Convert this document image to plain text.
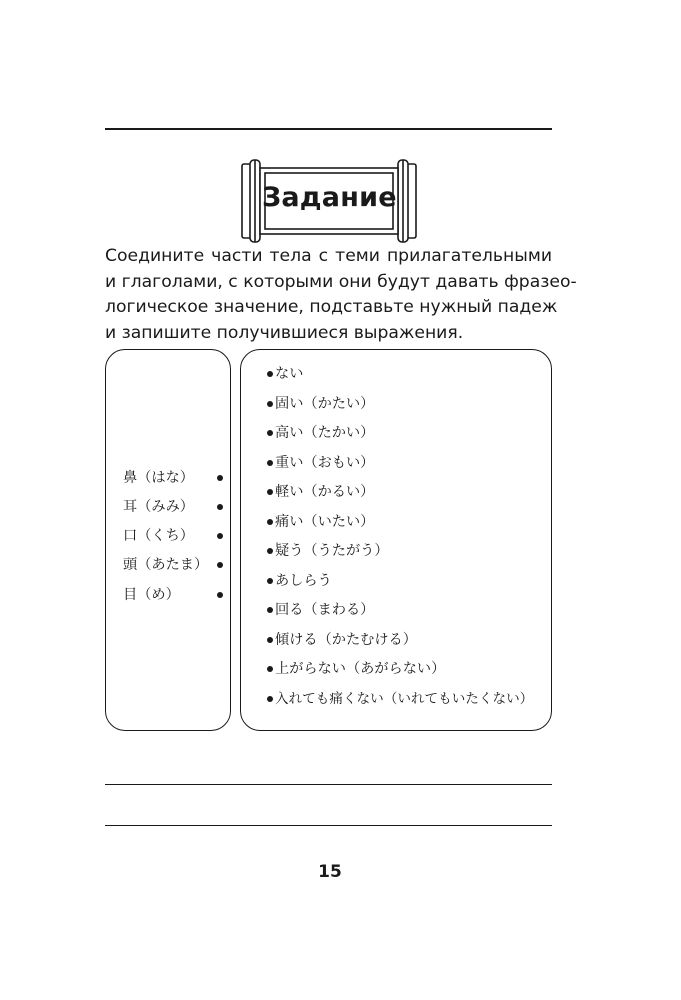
Задание
Соедините части тела с теми прилагательными
и глаголами, с которыми они будут давать фразео-
логическое значение, подставьте нужный падеж
и запишите получившиеся выражения.
鼻（はな）
耳（みみ）
口（くち）
頭（あたま）
目（め）
ない
固い（かたい）
高い（たかい）
重い（おもい）
軽い（かるい）
痛い（いたい）
疑う（うたがう）
あしらう
回る（まわる）
傾ける（かたむける）
上がらない（あがらない）
入れても痛くない（いれてもいたくない）
15
